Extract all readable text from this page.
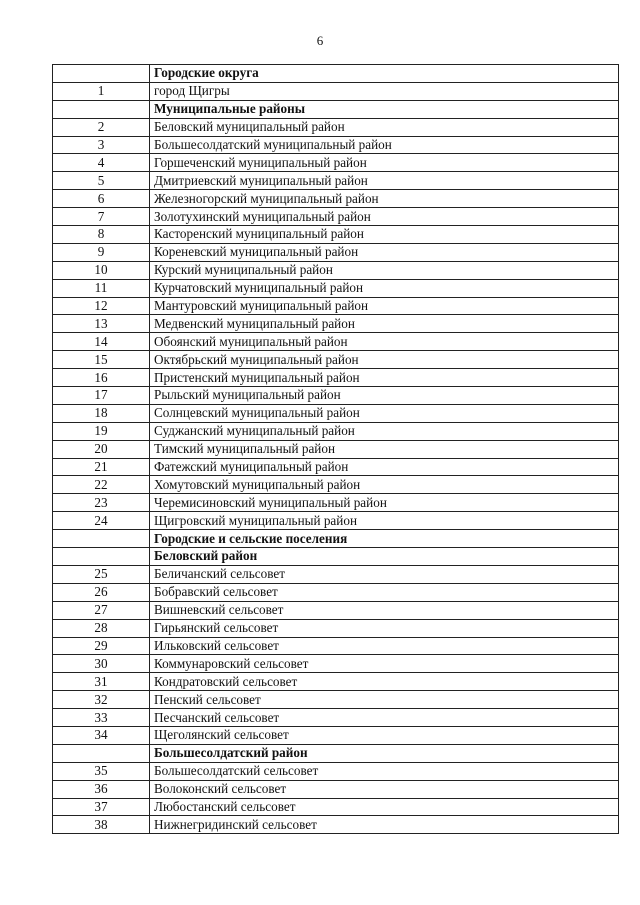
6
	Городские округа
1	город Щигры
	Муниципальные районы
2	Беловский муниципальный район
3	Большесолдатский муниципальный район
4	Горшеченский муниципальный район
5	Дмитриевский муниципальный район
6	Железногорский муниципальный район
7	Золотухинский муниципальный район
8	Касторенский муниципальный район
9	Кореневский муниципальный район
10	Курский муниципальный район
11	Курчатовский муниципальный район
12	Мантуровский муниципальный район
13	Медвенский муниципальный район
14	Обоянский муниципальный район
15	Октябрьский муниципальный район
16	Пристенский муниципальный район
17	Рыльский муниципальный район
18	Солнцевский муниципальный район
19	Суджанский муниципальный район
20	Тимский муниципальный район
21	Фатежский муниципальный район
22	Хомутовский муниципальный район
23	Черемисиновский муниципальный район
24	Щигровский муниципальный район
	Городские и сельские поселения
	Беловский район
25	Беличанский сельсовет
26	Бобравский сельсовет
27	Вишневский сельсовет
28	Гирьянский сельсовет
29	Ильковский сельсовет
30	Коммунаровский сельсовет
31	Кондратовский сельсовет
32	Пенский сельсовет
33	Песчанский сельсовет
34	Щеголянский сельсовет
	Большесолдатский район
35	Большесолдатский сельсовет
36	Волоконский сельсовет
37	Любостанский сельсовет
38	Нижнегридинский сельсовет
